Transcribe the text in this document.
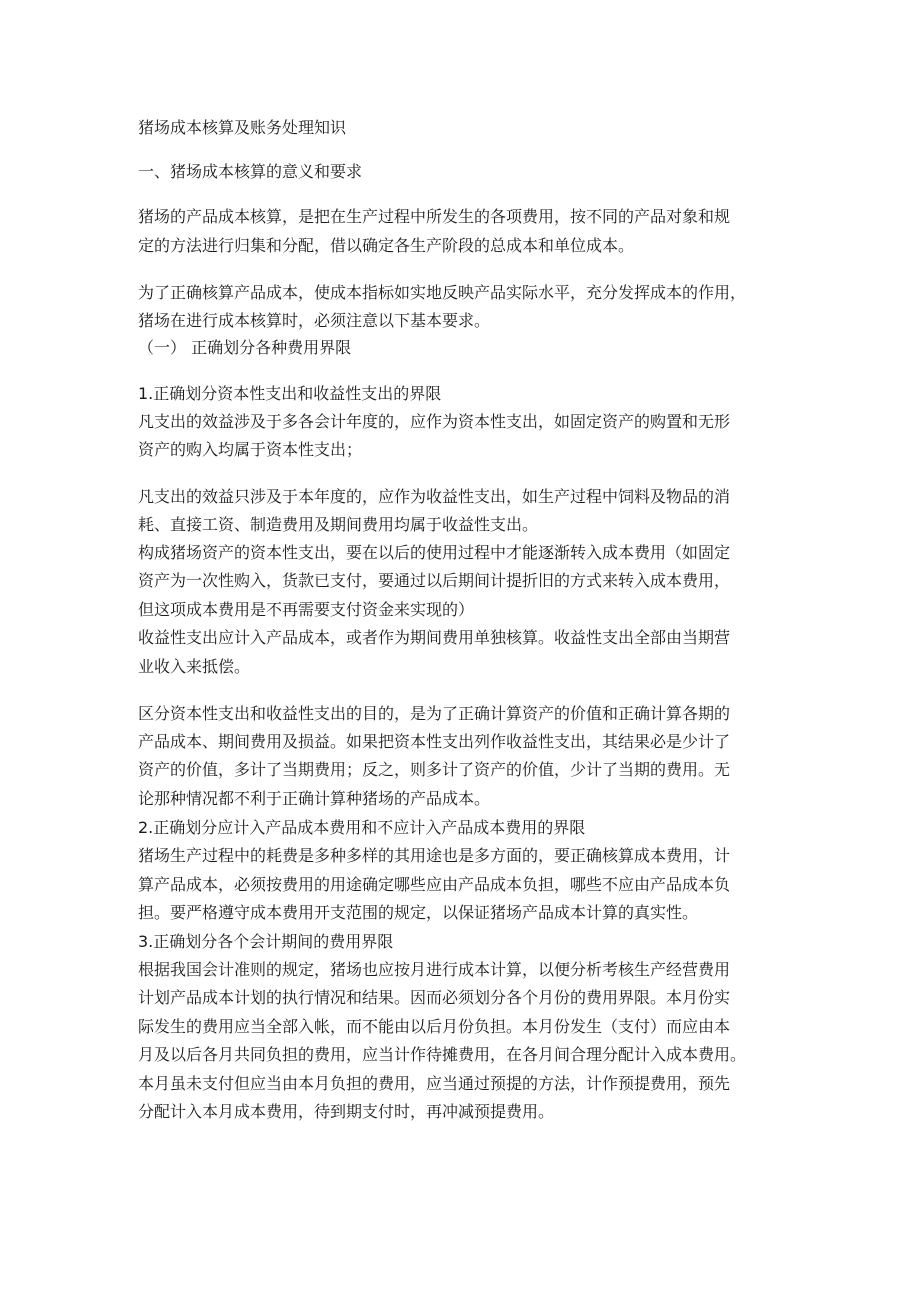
猪场成本核算及账务处理知识
一、猪场成本核算的意义和要求
猪场的产品成本核算，是把在生产过程中所发生的各项费用，按不同的产品对象和规
定的方法进行归集和分配，借以确定各生产阶段的总成本和单位成本。
为了正确核算产品成本，使成本指标如实地反映产品实际水平，充分发挥成本的作用，
猪场在进行成本核算时，必须注意以下基本要求。
（一） 正确划分各种费用界限
1.正确划分资本性支出和收益性支出的界限
凡支出的效益涉及于多各会计年度的，应作为资本性支出，如固定资产的购置和无形
资产的购入均属于资本性支出；
凡支出的效益只涉及于本年度的，应作为收益性支出，如生产过程中饲料及物品的消
耗、直接工资、制造费用及期间费用均属于收益性支出。
构成猪场资产的资本性支出，要在以后的使用过程中才能逐渐转入成本费用（如固定
资产为一次性购入，货款已支付，要通过以后期间计提折旧的方式来转入成本费用，
但这项成本费用是不再需要支付资金来实现的）
收益性支出应计入产品成本，或者作为期间费用单独核算。收益性支出全部由当期营
业收入来抵偿。
区分资本性支出和收益性支出的目的，是为了正确计算资产的价值和正确计算各期的
产品成本、期间费用及损益。如果把资本性支出列作收益性支出，其结果必是少计了
资产的价值，多计了当期费用；反之，则多计了资产的价值，少计了当期的费用。无
论那种情况都不利于正确计算种猪场的产品成本。
2.正确划分应计入产品成本费用和不应计入产品成本费用的界限
猪场生产过程中的耗费是多种多样的其用途也是多方面的，要正确核算成本费用，计
算产品成本，必须按费用的用途确定哪些应由产品成本负担，哪些不应由产品成本负
担。要严格遵守成本费用开支范围的规定，以保证猪场产品成本计算的真实性。
3.正确划分各个会计期间的费用界限
根据我国会计准则的规定，猪场也应按月进行成本计算，以便分析考核生产经营费用
计划产品成本计划的执行情况和结果。因而必须划分各个月份的费用界限。本月份实
际发生的费用应当全部入帐，而不能由以后月份负担。本月份发生（支付）而应由本
月及以后各月共同负担的费用，应当计作待摊费用，在各月间合理分配计入成本费用。
本月虽未支付但应当由本月负担的费用，应当通过预提的方法，计作预提费用，预先
分配计入本月成本费用，待到期支付时，再冲减预提费用。
